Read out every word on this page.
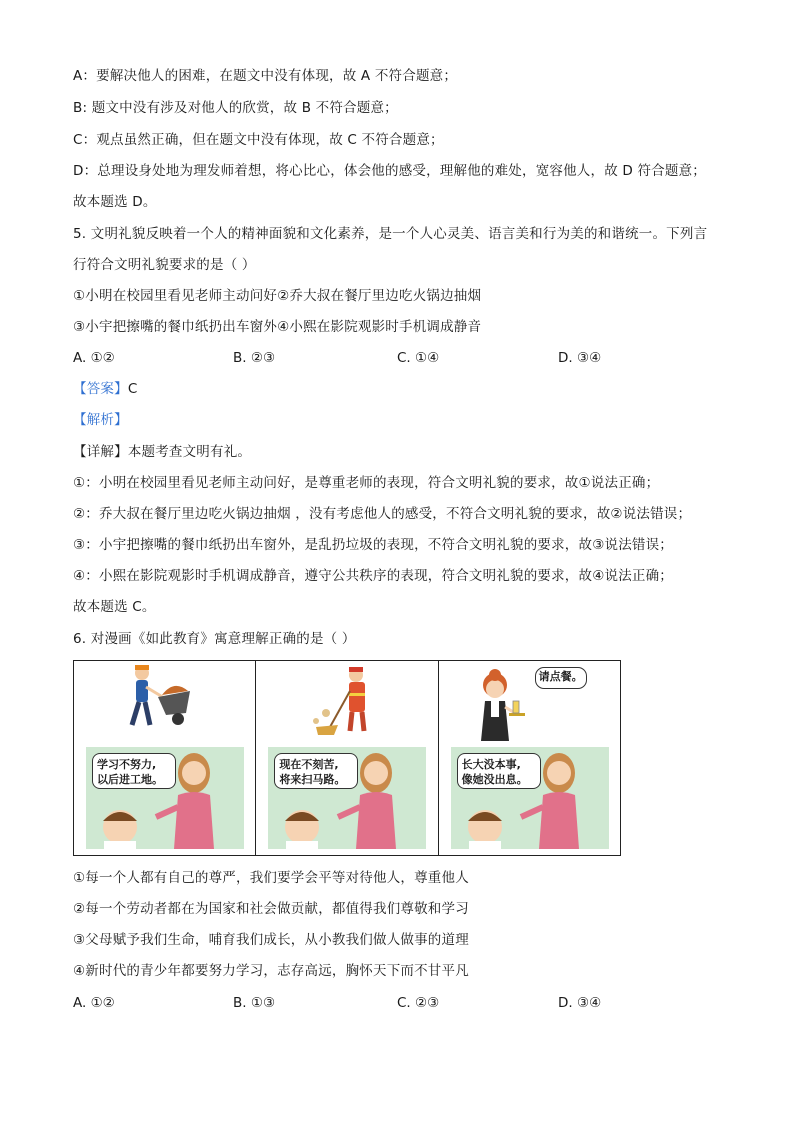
A：要解决他人的困难，在题文中没有体现，故 A 不符合题意；
B: 题文中没有涉及对他人的欣赏，故 B 不符合题意；
C：观点虽然正确，但在题文中没有体现，故 C 不符合题意；
D：总理设身处地为理发师着想，将心比心，体会他的感受，理解他的难处，宽容他人，故 D 符合题意；
故本题选 D。
5. 文明礼貌反映着一个人的精神面貌和文化素养，是一个人心灵美、语言美和行为美的和谐统一。下列言
行符合文明礼貌要求的是（ ）
①小明在校园里看见老师主动问好②乔大叔在餐厅里边吃火锅边抽烟
③小宇把擦嘴的餐巾纸扔出车窗外④小熙在影院观影时手机调成静音
A. ①②	B. ②③	C. ①④	D. ③④
【答案】C
【解析】
【详解】本题考查文明有礼。
①：小明在校园里看见老师主动问好，是尊重老师的表现，符合文明礼貌的要求，故①说法正确；
②：乔大叔在餐厅里边吃火锅边抽烟 ，没有考虑他人的感受，不符合文明礼貌的要求，故②说法错误；
③：小宇把擦嘴的餐巾纸扔出车窗外，是乱扔垃圾的表现，不符合文明礼貌的要求，故③说法错误；
④：小熙在影院观影时手机调成静音，遵守公共秩序的表现，符合文明礼貌的要求，故④说法正确；
故本题选 C。
6. 对漫画《如此教育》寓意理解正确的是（ ）
学习不努力,
以后进工地。
现在不刻苦,
将来扫马路。
请点餐。
长大没本事,
像她没出息。
①每一个人都有自己的尊严，我们要学会平等对待他人，尊重他人
②每一个劳动者都在为国家和社会做贡献，都值得我们尊敬和学习
③父母赋予我们生命，哺育我们成长，从小教我们做人做事的道理
④新时代的青少年都要努力学习，志存高远，胸怀天下而不甘平凡
A. ①②	B. ①③	C. ②③	D. ③④
